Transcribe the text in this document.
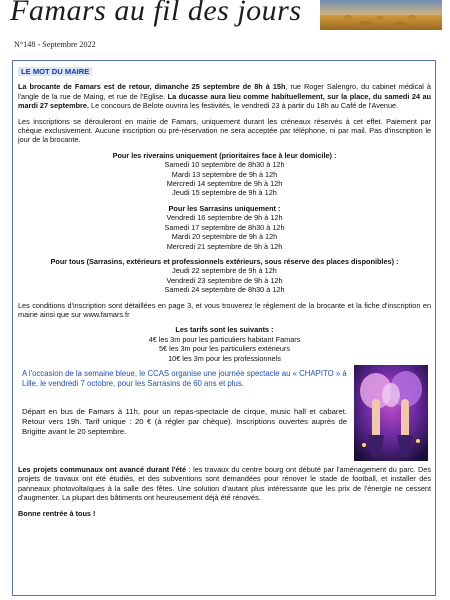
Famars au fil des jours
N°148 - Septembre 2022
LE MOT DU MAIRE

La brocante de Famars est de retour, dimanche 25 septembre de 8h à 15h, rue Roger Salengro, du cabinet médical à l'angle de la rue de Maing, et rue de l'Eglise. La ducasse aura lieu comme habituellement, sur la place, du samedi 24 au mardi 27 septembre. Le concours de Belote ouvrira les festivités, le vendredi 23 à partir du 18h au Café de l'Avenue.

Les inscriptions se dérouleront en mairie de Famars, uniquement durant les créneaux réservés à cet effet. Paiement par chèque exclusivement. Aucune inscription ou pré-réservation ne sera acceptée par téléphone, ni par mail. Pas d'inscription le jour de la brocante.

Pour les riverains uniquement (prioritaires face à leur domicile) :
Samedi 10 septembre de 8h30 à 12h
Mardi 13 septembre de 9h à 12h
Mercredi 14 septembre de 9h à 12h
Jeudi 15 septembre de 9h à 12h
Pour les Sarrasins uniquement :
Vendredi 16 septembre de 9h à 12h
Samedi 17 septembre de 8h30 à 12h
Mardi 20 septembre de 9h à 12h
Mercredi 21 septembre de 9h à 12h
Pour tous (Sarrasins, extérieurs et professionnels extérieurs, sous réserve des places disponibles) :
Jeudi 22 septembre de 9h à 12h
Vendredi 23 septembre de 9h à 12h
Samedi 24 septembre de 8h30 à 12h

Les conditions d'inscription sont détaillées en page 3, et vous trouverez le règlement de la brocante et la fiche d'inscription en mairie ainsi que sur www.famars.fr

Les tarifs sont les suivants :
4€ les 3m pour les particuliers habitant Famars
5€ les 3m pour les particuliers extérieurs
10€ les 3m pour les professionnels
A l'occasion de la semaine bleue, le CCAS organise une journée spectacle au « CHAPITO » à Lille, le vendredi 7 octobre, pour les Sarrasins de 60 ans et plus.
Départ en bus de Famars à 11h, pour un repas-spectacle de cirque, music hall et cabaret. Retour vers 19h. Tarif unique : 20 € (à régler par chèque). Inscriptions ouvertes auprès de Brigitte avant le 20 septembre.

Les projets communaux ont avancé durant l'été : les travaux du centre bourg ont débuté par l'aménagement du parc. Des projets de travaux ont été étudiés, et des subventions sont demandées pour rénover le stade de football, et installer des panneaux photovoltaïques à la salle des fêtes. Une solution d'autant plus intéressante que les prix de l'énergie ne cessent d'augmenter. La plupart des bâtiments ont heureusement déjà été rénovés.

Bonne rentrée à tous !
